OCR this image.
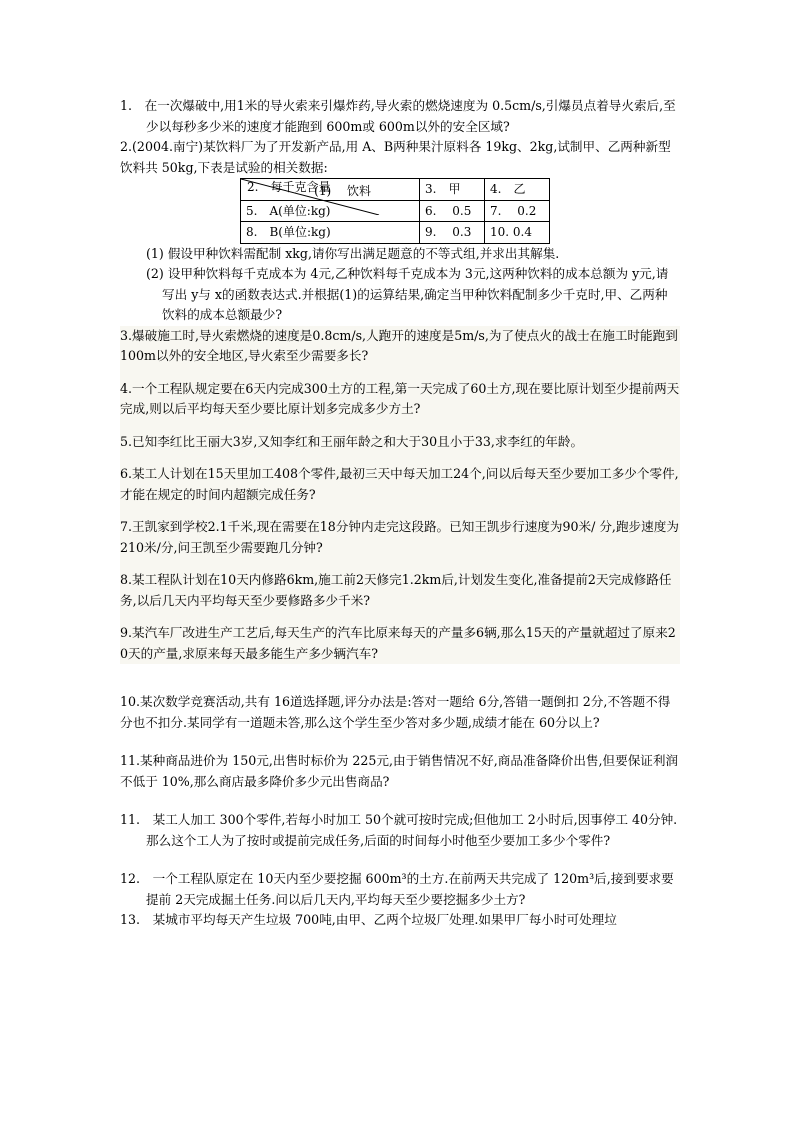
1. 在一次爆破中,用1米的导火索来引爆炸药,导火索的燃烧速度为 0.5cm/s,引爆员点着导火索后,至少以每秒多少米的速度才能跑到 600m或 600m以外的安全区域?

2.(2004.南宁)某饮料厂为了开发新产品,用 A、B两种果汁原料各 19kg、2kg,试制甲、乙两种新型饮料共 50kg,下表是试验的相关数据:

(1)  饮料
2. 每千克含量	3. 甲	4. 乙
5. A(单位:kg)	6.  0.5	7.  0.2
8. B(单位:kg)	9.  0.3	10. 0.4

(1) 假设甲种饮料需配制 xkg,请你写出满足题意的不等式组,并求出其解集.

(2) 设甲种饮料每千克成本为 4元,乙种饮料每千克成本为 3元,这两种饮料的成本总额为 y元,请写出 y与 x的函数表达式.并根据(1)的运算结果,确定当甲种饮料配制多少千克时,甲、乙两种饮料的成本总额最少?

3.爆破施工时,导火索燃烧的速度是0.8cm/s,人跑开的速度是5m/s,为了使点火的战士在施工时能跑到100m以外的安全地区,导火索至少需要多长?

4.一个工程队规定要在6天内完成300土方的工程,第一天完成了60土方,现在要比原计划至少提前两天完成,则以后平均每天至少要比原计划多完成多少方土?

5.已知李红比王丽大3岁,又知李红和王丽年龄之和大于30且小于33,求李红的年龄。

6.某工人计划在15天里加工408个零件,最初三天中每天加工24个,问以后每天至少要加工多少个零件,才能在规定的时间内超额完成任务?

7.王凯家到学校2.1千米,现在需要在18分钟内走完这段路。已知王凯步行速度为90米/ 分,跑步速度为210米/分,问王凯至少需要跑几分钟?

8.某工程队计划在10天内修路6km,施工前2天修完1.2km后,计划发生变化,准备提前2天完成修路任务,以后几天内平均每天至少要修路多少千米?

9.某汽车厂改进生产工艺后,每天生产的汽车比原来每天的产量多6辆,那么15天的产量就超过了原来20天的产量,求原来每天最多能生产多少辆汽车?

10.某次数学竞赛活动,共有 16道选择题,评分办法是:答对一题给 6分,答错一题倒扣 2分,不答题不得分也不扣分.某同学有一道题未答,那么这个学生至少答对多少题,成绩才能在 60分以上?

11.某种商品进价为 150元,出售时标价为 225元,由于销售情况不好,商品准备降价出售,但要保证利润不低于 10%,那么商店最多降价多少元出售商品?

11. 某工人加工 300个零件,若每小时加工 50个就可按时完成;但他加工 2小时后,因事停工 40分钟.那么这个工人为了按时或提前完成任务,后面的时间每小时他至少要加工多少个零件?

12. 一个工程队原定在 10天内至少要挖掘 600m³的土方.在前两天共完成了 120m³后,接到要求要提前 2天完成掘土任务.问以后几天内,平均每天至少要挖掘多少土方?

13. 某城市平均每天产生垃圾 700吨,由甲、乙两个垃圾厂处理.如果甲厂每小时可处理垃
